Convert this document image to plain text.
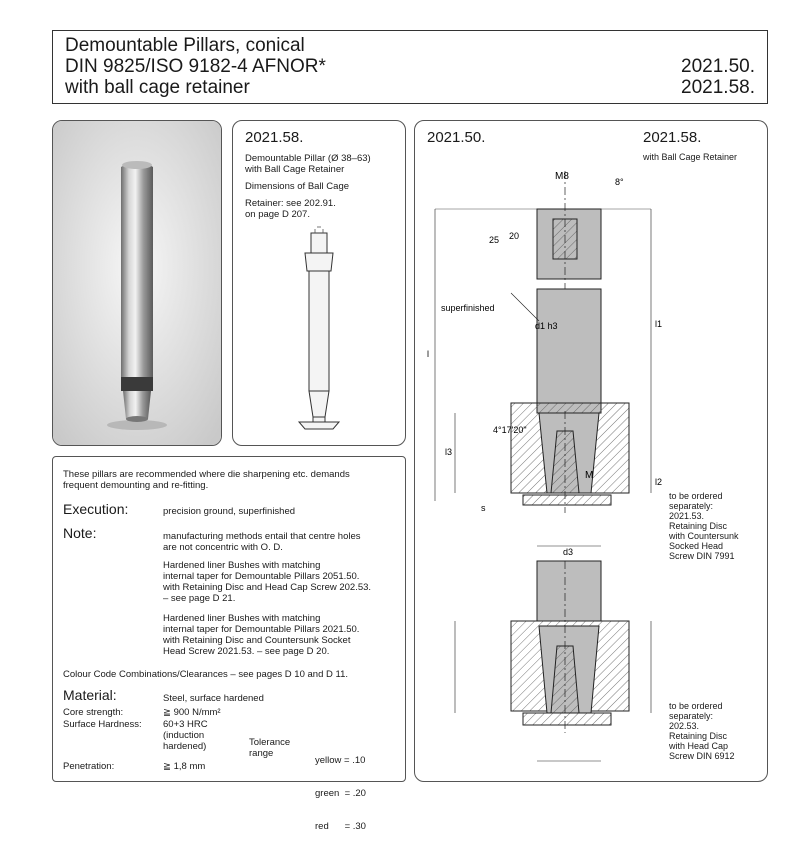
Demountable Pillars, conical
DIN 9825/ISO 9182-4 AFNOR*
with ball cage retainer
2021.50.
2021.58.
2021.58.
Demountable Pillar (Ø 38–63)
with Ball Cage Retainer
Dimensions of Ball Cage
Retainer: see 202.91.
on page D 207.
2021.50.	2021.58.
with Ball Cage Retainer
M8	8°
25 20
superfinished
d1 h3
l
l1
l2
l3
4°17'20"
M
s
d3
to be ordered
separately:
2021.53.
Retaining Disc
with Countersunk
Socked Head
Screw DIN 7991
to be ordered
separately:
202.53.
Retaining Disc
with Head Cap
Screw DIN 6912
These pillars are recommended where die sharpening etc. demands
frequent demounting and re-fitting.
Execution:	precision ground, superfinished
Note:	manufacturing methods entail that centre holes
are not concentric with O. D.
Hardened liner Bushes with matching
internal taper for Demountable Pillars 2051.50.
with Retaining Disc and Head Cap Screw 202.53.
– see page D 21.
Hardened liner Bushes with matching
internal taper for Demountable Pillars 2021.50.
with Retaining Disc and Countersunk Socket
Head Screw 2021.53. – see page D 20.
Colour Code Combinations/Clearances – see pages D 10 and D 11.
Material:	Steel, surface hardened
Core strength:	≧ 900 N/mm²
Surface Hardness: 60+3 HRC
(induction
hardened)	Tolerance
range

yellow = .10

green  = .20

red      = .30

Penetration:	≧ 1,8 mm
